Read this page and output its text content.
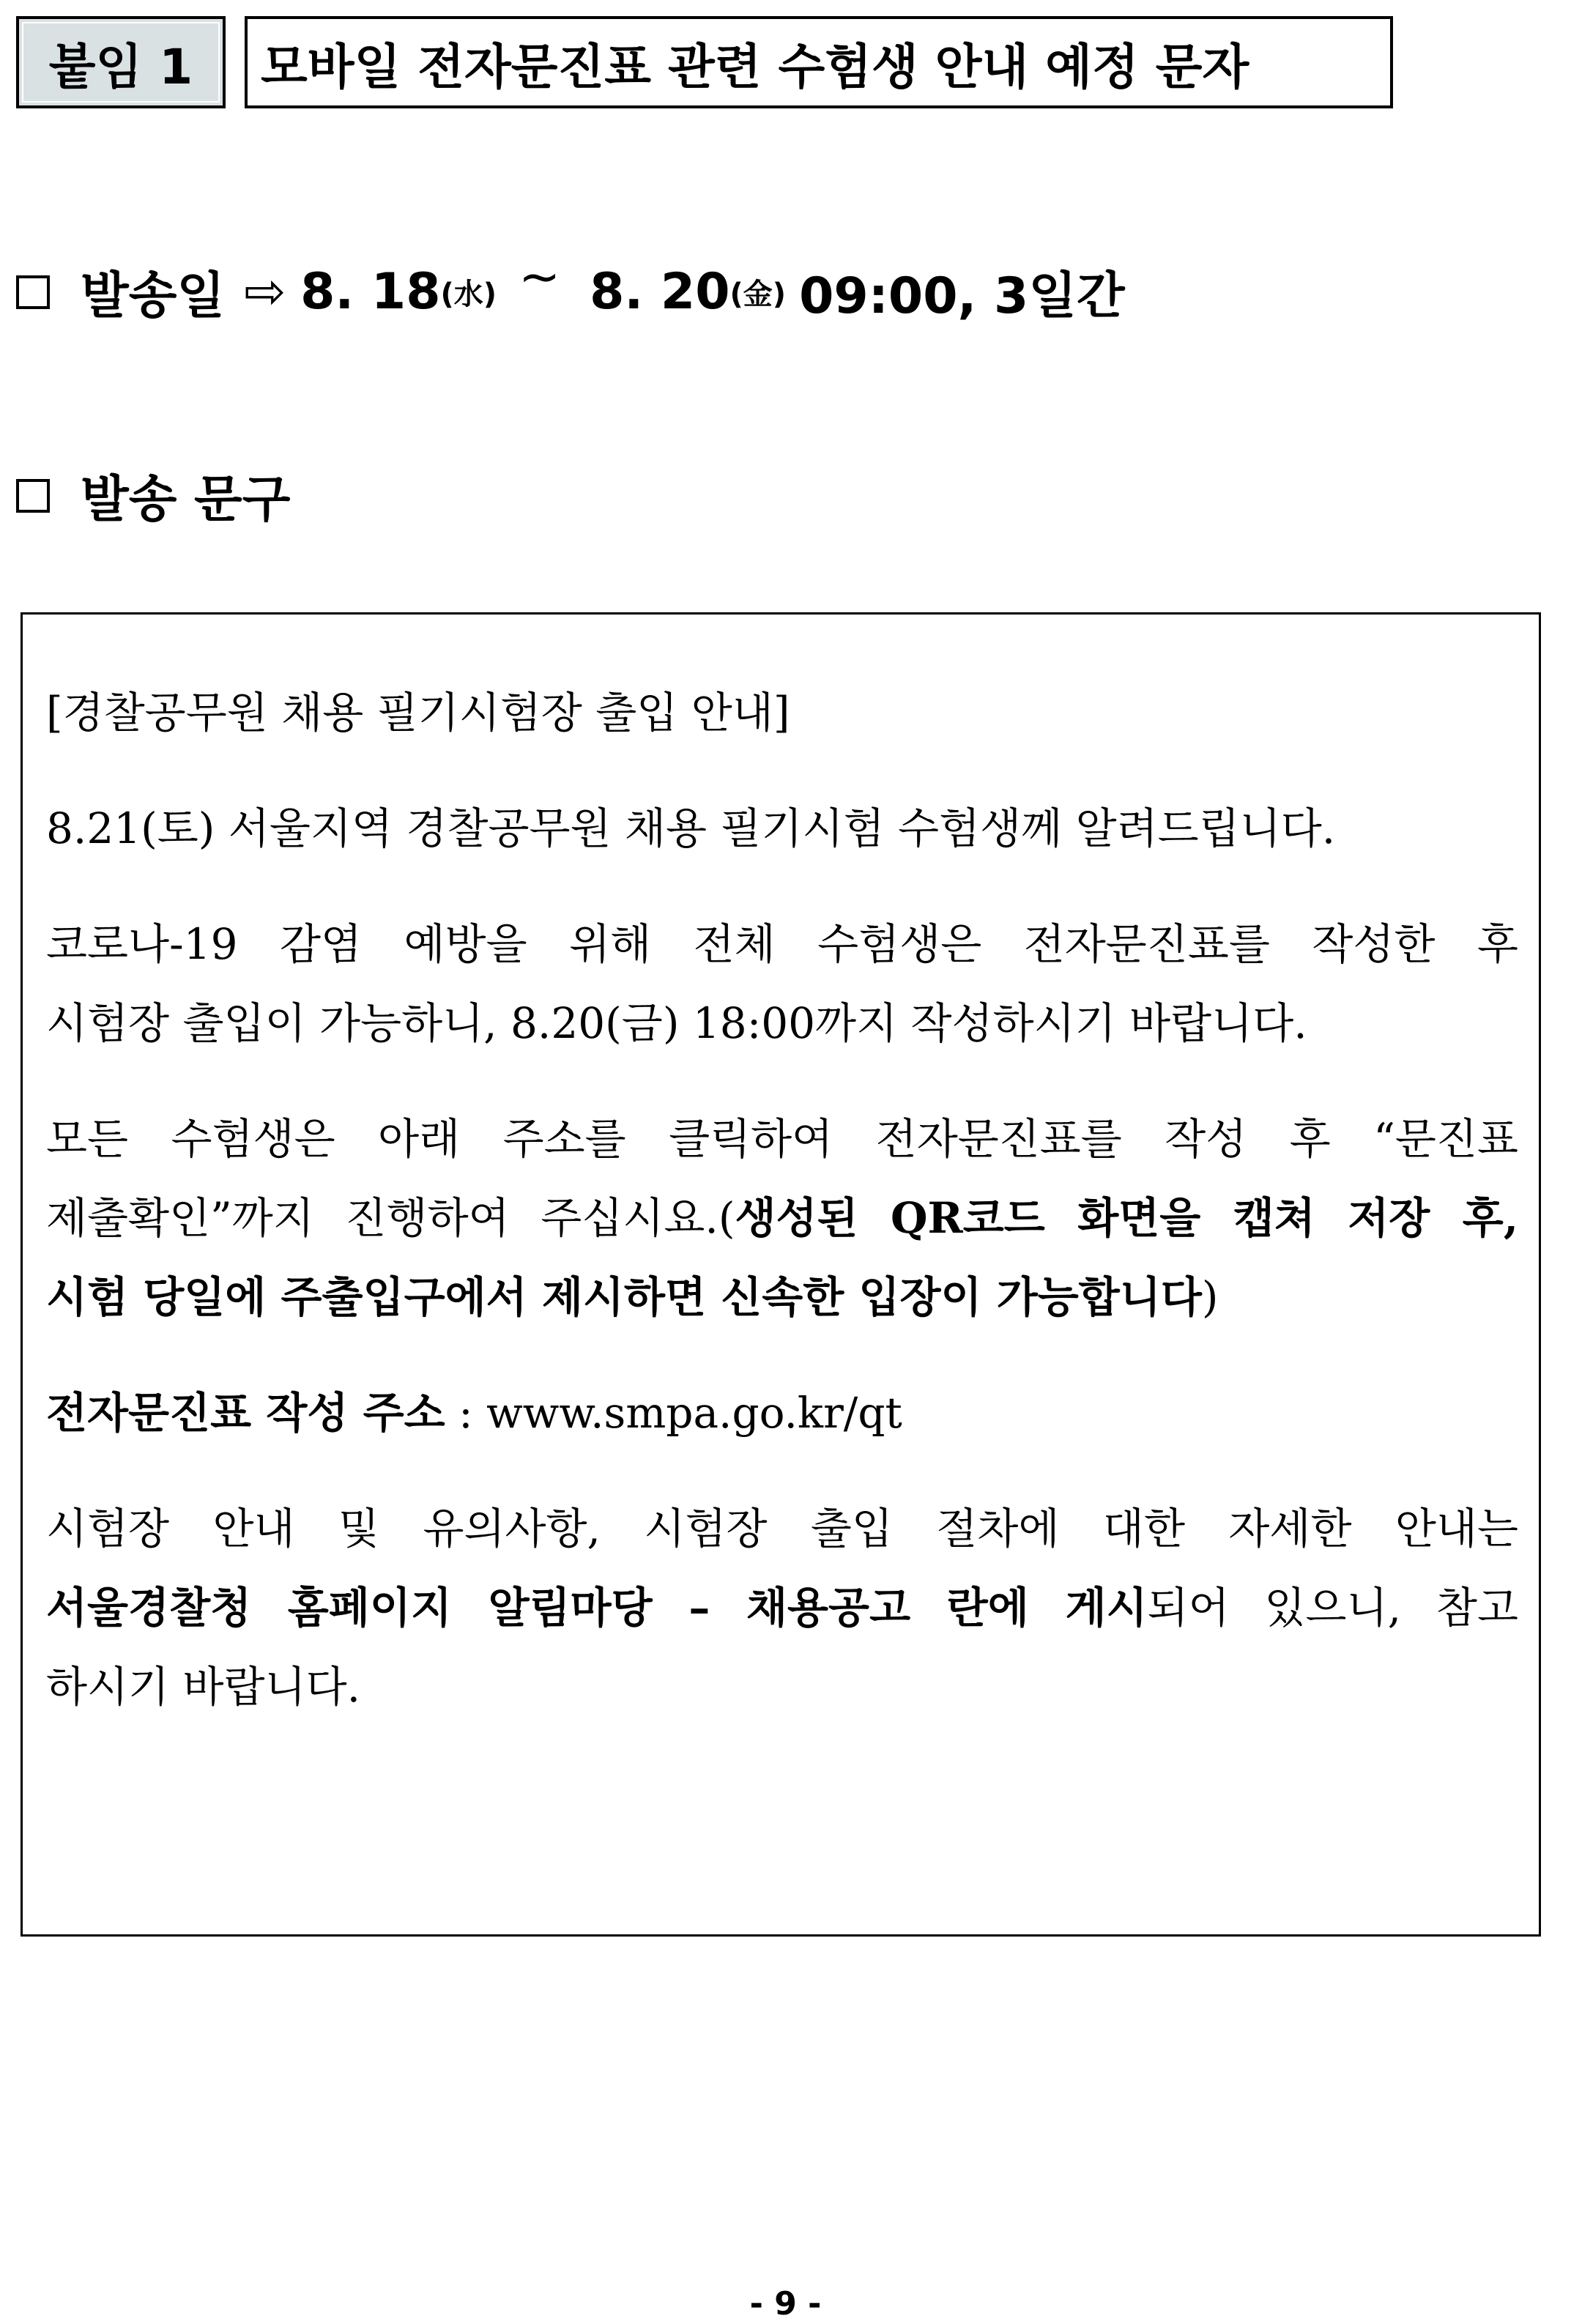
붙임 1	모바일 전자문진표 관련 수험생 안내 예정 문자
발송일 ⇨ 8. 18 (水) ~ 8. 20 (金) 09:00, 3일간
발송 문구
[경찰공무원 채용 필기시험장 출입 안내]
8.21(토) 서울지역 경찰공무원 채용 필기시험 수험생께 알려드립니다.
코로나-19 감염 예방을 위해 전체 수험생은 전자문진표를 작성한 후
시험장 출입이 가능하니, 8.20(금) 18:00까지 작성하시기 바랍니다.
모든 수험생은 아래 주소를 클릭하여 전자문진표를 작성 후 “문진표
제출확인”까지 진행하여 주십시요.(생성된 QR코드 화면을 캡쳐 저장 후,
시험 당일에 주출입구에서 제시하면 신속한 입장이 가능합니다)
전자문진표 작성 주소 : www.smpa.go.kr/qt
시험장 안내 및 유의사항, 시험장 출입 절차에 대한 자세한 안내는
서울경찰청 홈페이지 알림마당 – 채용공고 란에 게시되어 있으니, 참고
하시기 바랍니다.
- 9 -
